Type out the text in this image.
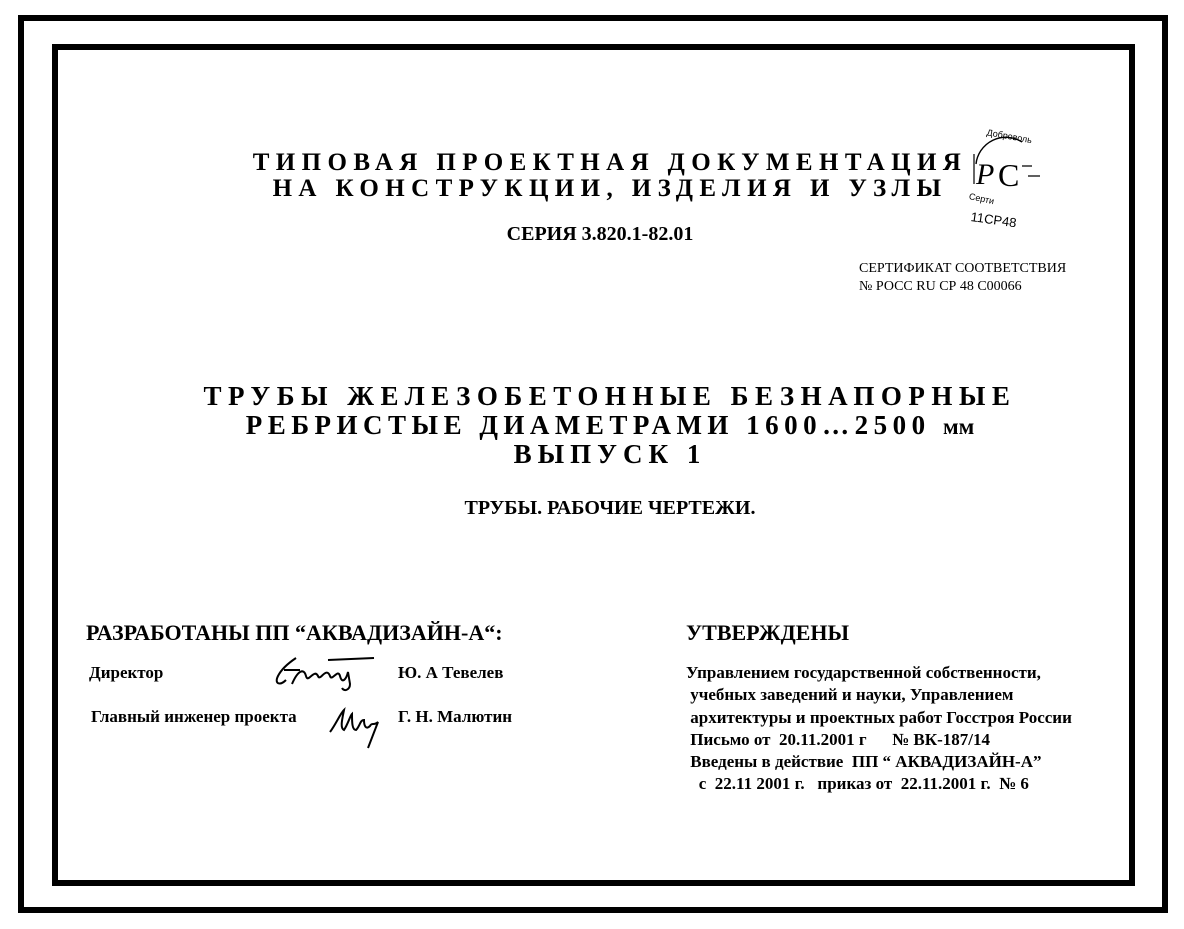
ТИПОВАЯ ПРОЕКТНАЯ ДОКУМЕНТАЦИЯ
НА КОНСТРУКЦИИ, ИЗДЕЛИЯ И УЗЛЫ
СЕРИЯ 3.820.1-82.01
Доброволь
Р С
Серти
11СР48
СЕРТИФИКАТ СООТВЕТСТВИЯ
№ РОСС RU СР 48 С00066
ТРУБЫ ЖЕЛЕЗОБЕТОННЫЕ БЕЗНАПОРНЫЕ
РЕБРИСТЫЕ ДИАМЕТРАМИ 1600…2500 мм
ВЫПУСК 1
ТРУБЫ. РАБОЧИЕ ЧЕРТЕЖИ.
РАЗРАБОТАНЫ ПП “АКВАДИЗАЙН-А“:
Директор	Ю. А Тевелев
Главный инженер проекта	Г. Н. Малютин
УТВЕРЖДЕНЫ
Управлением государственной собственности,
учебных заведений и науки, Управлением
архитектуры и проектных работ Госстроя России
Письмо от  20.11.2001 г      № ВК-187/14
Введены в действие  ПП “ АКВАДИЗАЙН-А”
с  22.11 2001 г.   приказ от  22.11.2001 г.  № 6
